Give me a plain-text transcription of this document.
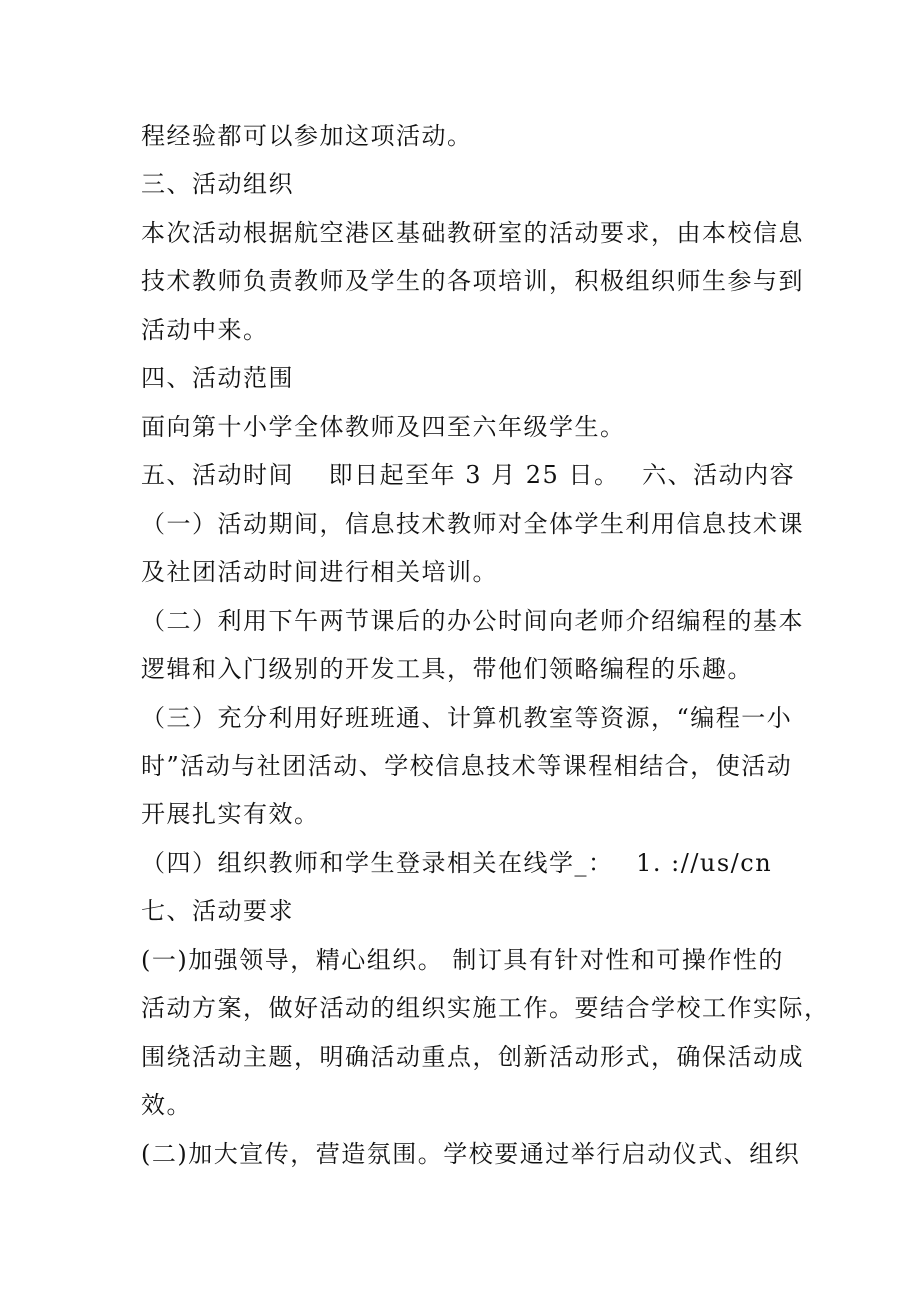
程经验都可以参加这项活动。
三、活动组织
本次活动根据航空港区基础教研室的活动要求，由本校信息
技术教师负责教师及学生的各项培训，积极组织师生参与到
活动中来。
四、活动范围
面向第十小学全体教师及四至六年级学生。
五、活动时间　 即日起至年 3 月 25 日。　 六、活动内容
（一）活动期间，信息技术教师对全体学生利用信息技术课
及社团活动时间进行相关培训。
（二）利用下午两节课后的办公时间向老师介绍编程的基本
逻辑和入门级别的开发工具，带他们领略编程的乐趣。
（三）充分利用好班班通、计算机教室等资源，“编程一小
时”活动与社团活动、学校信息技术等课程相结合，使活动
开展扎实有效。
（四）组织教师和学生登录相关在线学_：　 1. ://us/cn
七、活动要求
(一)加强领导，精心组织。 制订具有针对性和可操作性的
活动方案，做好活动的组织实施工作。要结合学校工作实际，
围绕活动主题，明确活动重点，创新活动形式，确保活动成
效。
(二)加大宣传，营造氛围。学校要通过举行启动仪式、组织
